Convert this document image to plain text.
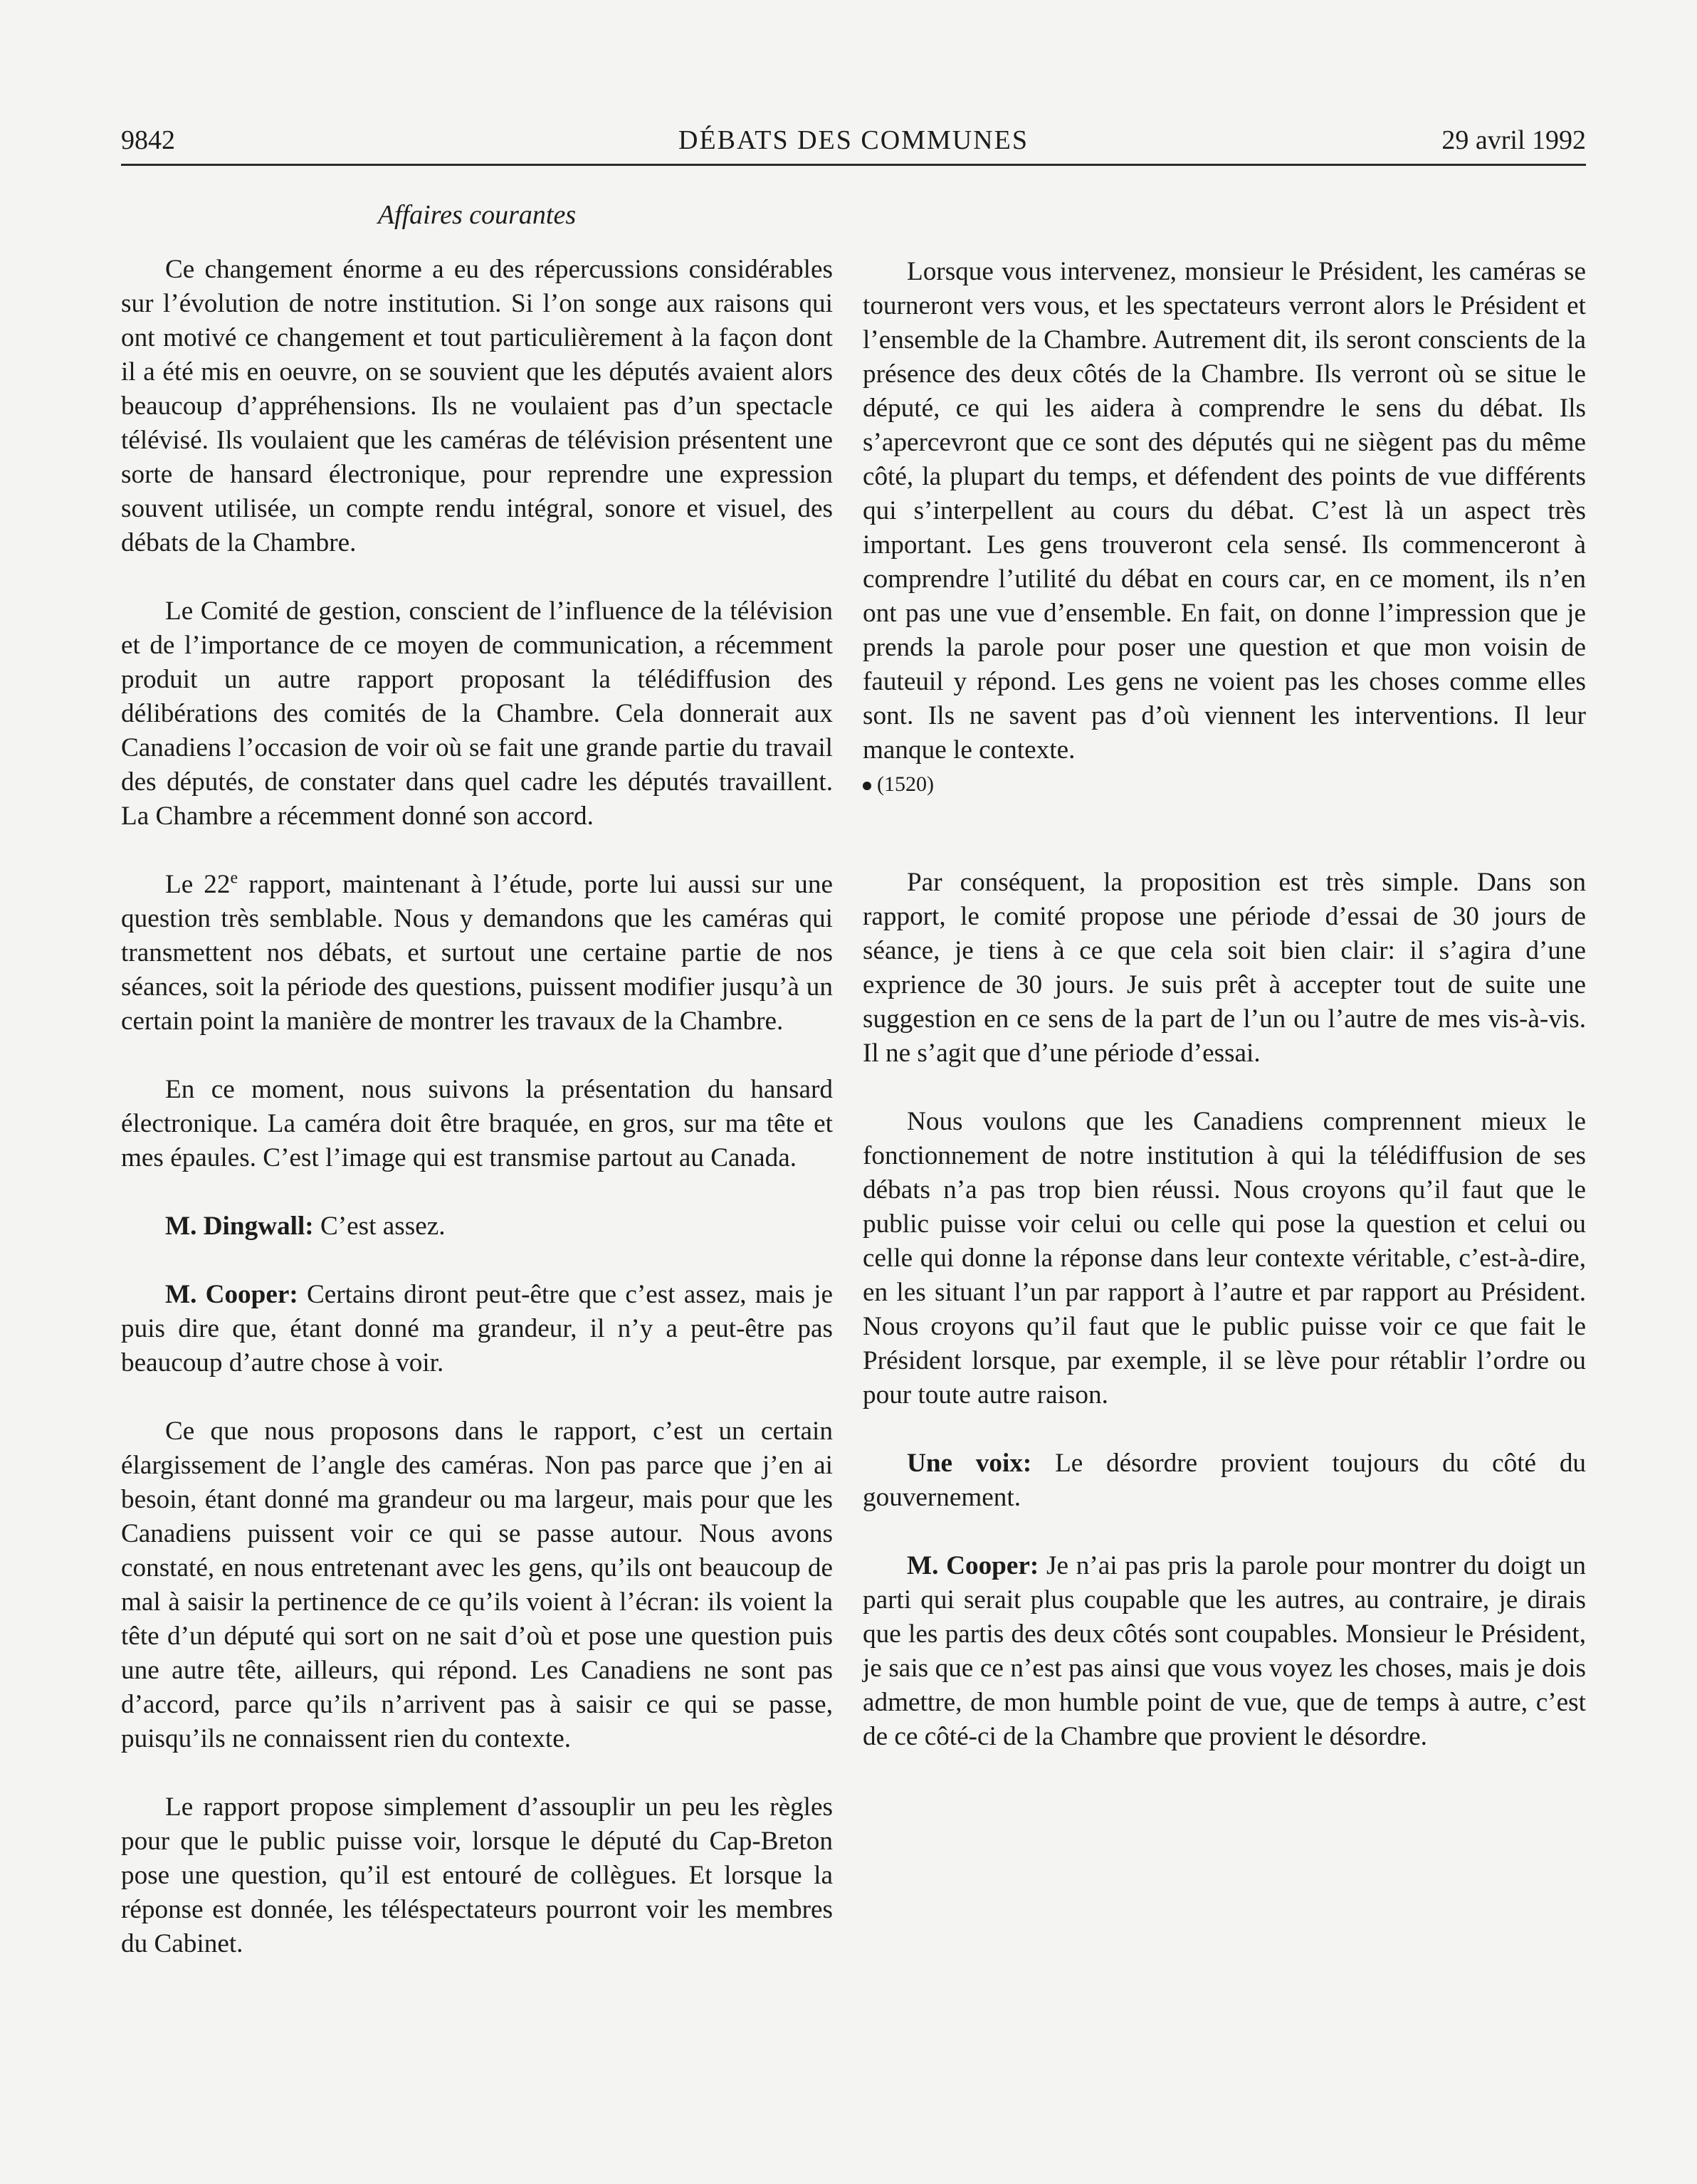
9842	DÉBATS DES COMMUNES	29 avril 1992
Affaires courantes

Ce changement énorme a eu des répercussions considérables sur l’évolution de notre institution. Si l’on songe aux raisons qui ont motivé ce changement et tout particulièrement à la façon dont il a été mis en oeuvre, on se souvient que les députés avaient alors beaucoup d’appréhensions. Ils ne voulaient pas d’un spectacle télévisé. Ils voulaient que les caméras de télévision présentent une sorte de hansard électronique, pour reprendre une expression souvent utilisée, un compte rendu intégral, sonore et visuel, des débats de la Chambre.

Le Comité de gestion, conscient de l’influence de la télévision et de l’importance de ce moyen de communication, a récemment produit un autre rapport proposant la télédiffusion des délibérations des comités de la Chambre. Cela donnerait aux Canadiens l’occasion de voir où se fait une grande partie du travail des députés, de constater dans quel cadre les députés travaillent. La Chambre a récemment donné son accord.

Le 22e rapport, maintenant à l’étude, porte lui aussi sur une question très semblable. Nous y demandons que les caméras qui transmettent nos débats, et surtout une certaine partie de nos séances, soit la période des questions, puissent modifier jusqu’à un certain point la manière de montrer les travaux de la Chambre.

En ce moment, nous suivons la présentation du hansard électronique. La caméra doit être braquée, en gros, sur ma tête et mes épaules. C’est l’image qui est transmise partout au Canada.

M. Dingwall: C’est assez.

M. Cooper: Certains diront peut-être que c’est assez, mais je puis dire que, étant donné ma grandeur, il n’y a peut-être pas beaucoup d’autre chose à voir.

Ce que nous proposons dans le rapport, c’est un certain élargissement de l’angle des caméras. Non pas parce que j’en ai besoin, étant donné ma grandeur ou ma largeur, mais pour que les Canadiens puissent voir ce qui se passe autour. Nous avons constaté, en nous entretenant avec les gens, qu’ils ont beaucoup de mal à saisir la pertinence de ce qu’ils voient à l’écran: ils voient la tête d’un député qui sort on ne sait d’où et pose une question puis une autre tête, ailleurs, qui répond. Les Canadiens ne sont pas d’accord, parce qu’ils n’arrivent pas à saisir ce qui se passe, puisqu’ils ne connaissent rien du contexte.

Le rapport propose simplement d’assouplir un peu les règles pour que le public puisse voir, lorsque le député du Cap-Breton pose une question, qu’il est entouré de collègues. Et lorsque la réponse est donnée, les téléspectateurs pourront voir les membres du Cabinet.

Lorsque vous intervenez, monsieur le Président, les caméras se tourneront vers vous, et les spectateurs verront alors le Président et l’ensemble de la Chambre. Autrement dit, ils seront conscients de la présence des deux côtés de la Chambre. Ils verront où se situe le député, ce qui les aidera à comprendre le sens du débat. Ils s’apercevront que ce sont des députés qui ne siègent pas du même côté, la plupart du temps, et défendent des points de vue différents qui s’interpellent au cours du débat. C’est là un aspect très important. Les gens trouveront cela sensé. Ils commenceront à comprendre l’utilité du débat en cours car, en ce moment, ils n’en ont pas une vue d’ensemble. En fait, on donne l’impression que je prends la parole pour poser une question et que mon voisin de fauteuil y répond. Les gens ne voient pas les choses comme elles sont. Ils ne savent pas d’où viennent les interventions. Il leur manque le contexte.

(1520)

Par conséquent, la proposition est très simple. Dans son rapport, le comité propose une période d’essai de 30 jours de séance, je tiens à ce que cela soit bien clair: il s’agira d’une exprience de 30 jours. Je suis prêt à accepter tout de suite une suggestion en ce sens de la part de l’un ou l’autre de mes vis-à-vis. Il ne s’agit que d’une période d’essai.

Nous voulons que les Canadiens comprennent mieux le fonctionnement de notre institution à qui la télédiffusion de ses débats n’a pas trop bien réussi. Nous croyons qu’il faut que le public puisse voir celui ou celle qui pose la question et celui ou celle qui donne la réponse dans leur contexte véritable, c’est-à-dire, en les situant l’un par rapport à l’autre et par rapport au Président. Nous croyons qu’il faut que le public puisse voir ce que fait le Président lorsque, par exemple, il se lève pour rétablir l’ordre ou pour toute autre raison.

Une voix: Le désordre provient toujours du côté du gouvernement.

M. Cooper: Je n’ai pas pris la parole pour montrer du doigt un parti qui serait plus coupable que les autres, au contraire, je dirais que les partis des deux côtés sont coupables. Monsieur le Président, je sais que ce n’est pas ainsi que vous voyez les choses, mais je dois admettre, de mon humble point de vue, que de temps à autre, c’est de ce côté-ci de la Chambre que provient le désordre.
